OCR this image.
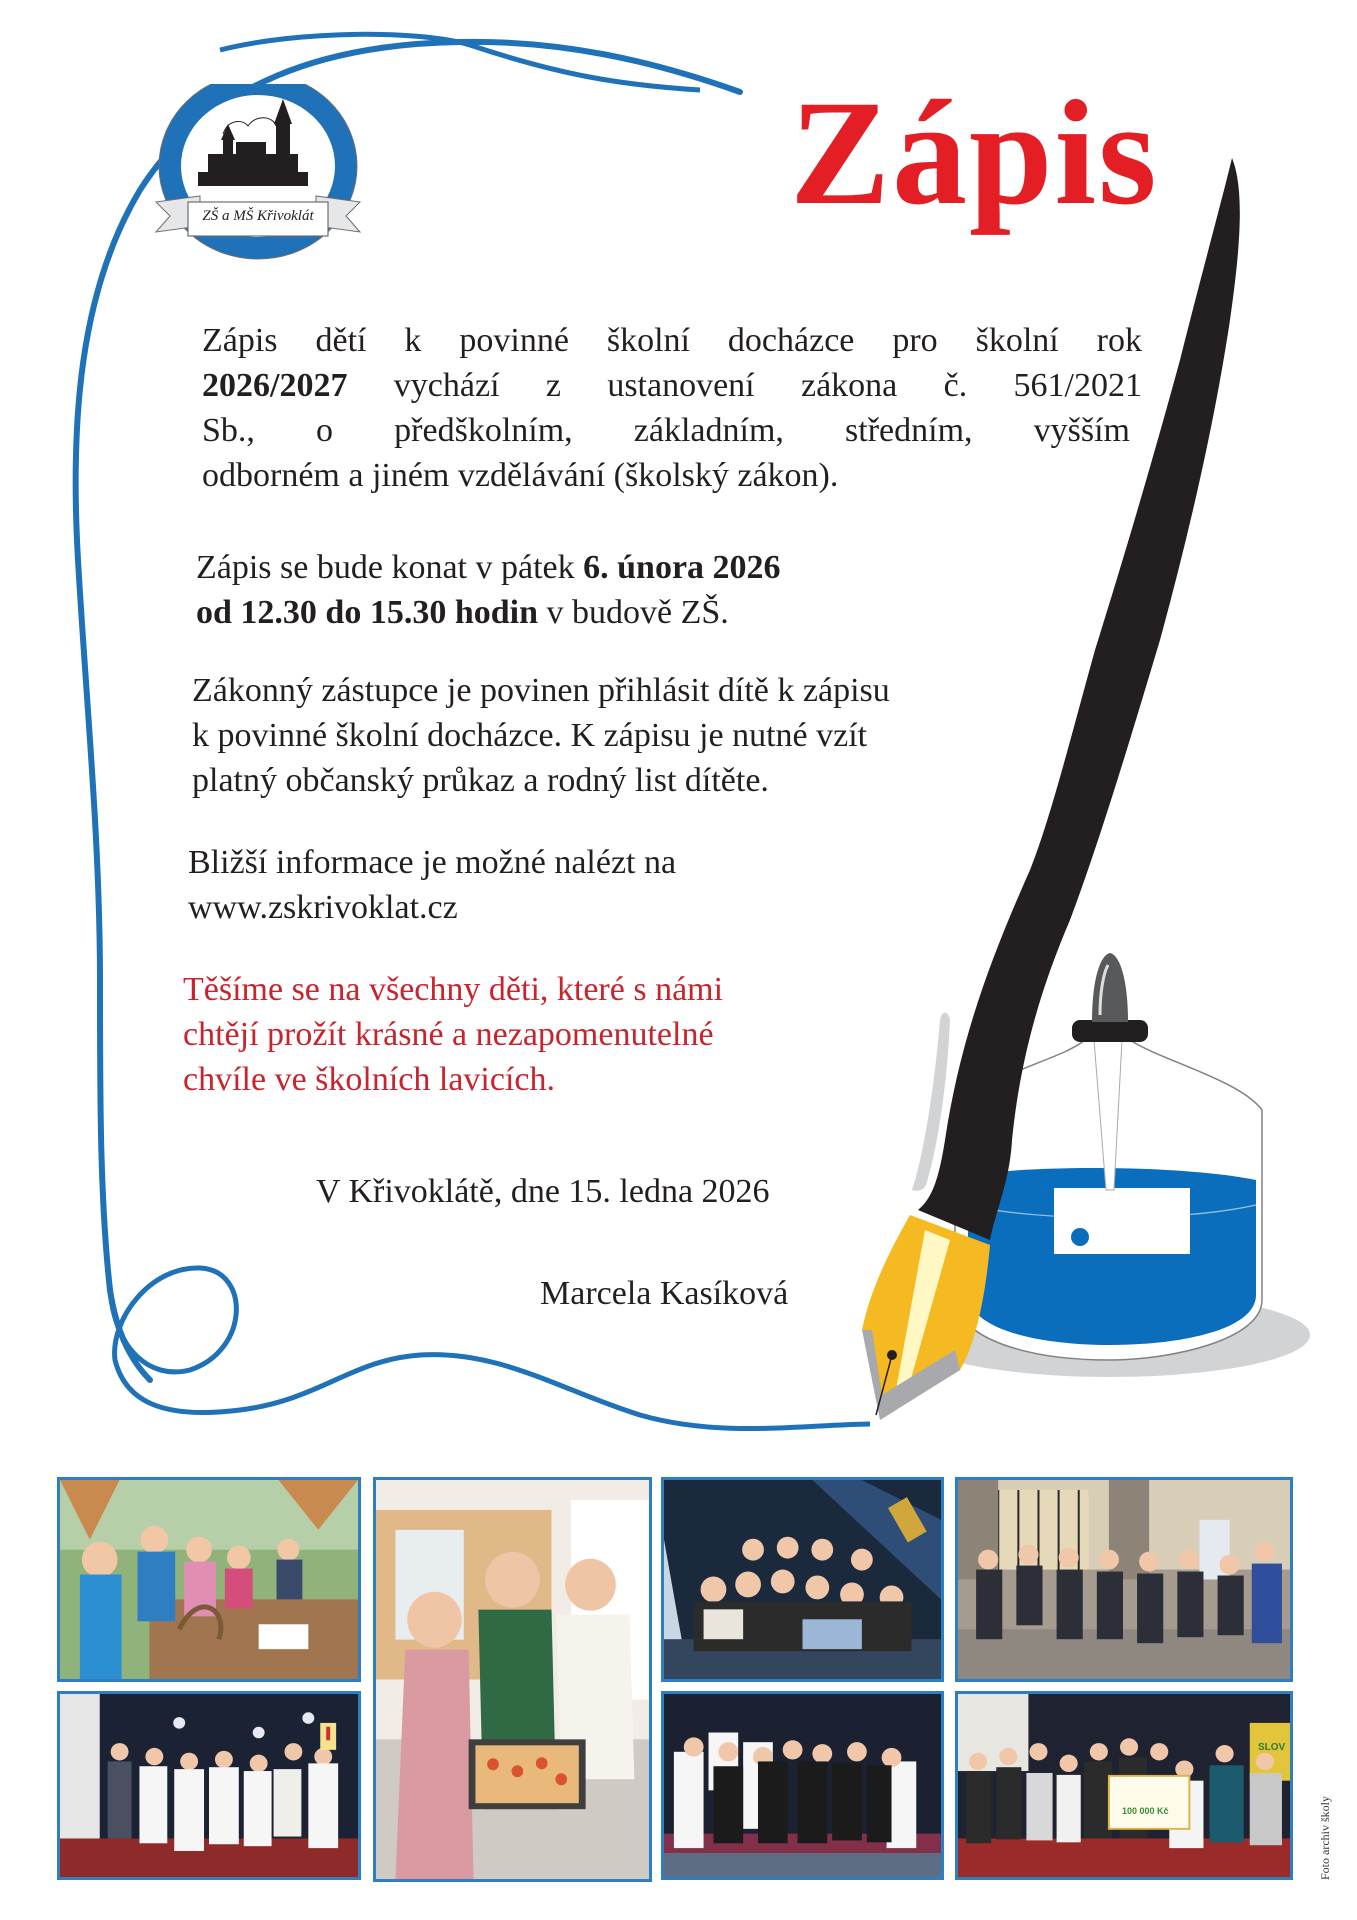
ZŠ a MŠ Křivoklát	Zápis
Zápis dětí k povinné školní docházce pro školní rok
2026/2027 vychází z ustanovení zákona č. 561/2021
Sb., o předškolním, základním, středním, vyšším
odborném a jiném vzdělávání (školský zákon).
Zápis se bude konat v pátek 6. února 2026
od 12.30 do 15.30 hodin v budově ZŠ.
Zákonný zástupce je povinen přihlásit dítě k zápisu
k povinné školní docházce. K zápisu je nutné vzít
platný občanský průkaz a rodný list dítěte.
Bližší informace je možné nalézt na
www.zskrivoklat.cz
Těšíme se na všechny děti, které s námi
chtějí prožít krásné a nezapomenutelné
chvíle ve školních lavicích.
V Křivoklátě, dne 15. ledna 2026
Marcela Kasíková
100 000 Kč
SLOV
Foto archiv školy
